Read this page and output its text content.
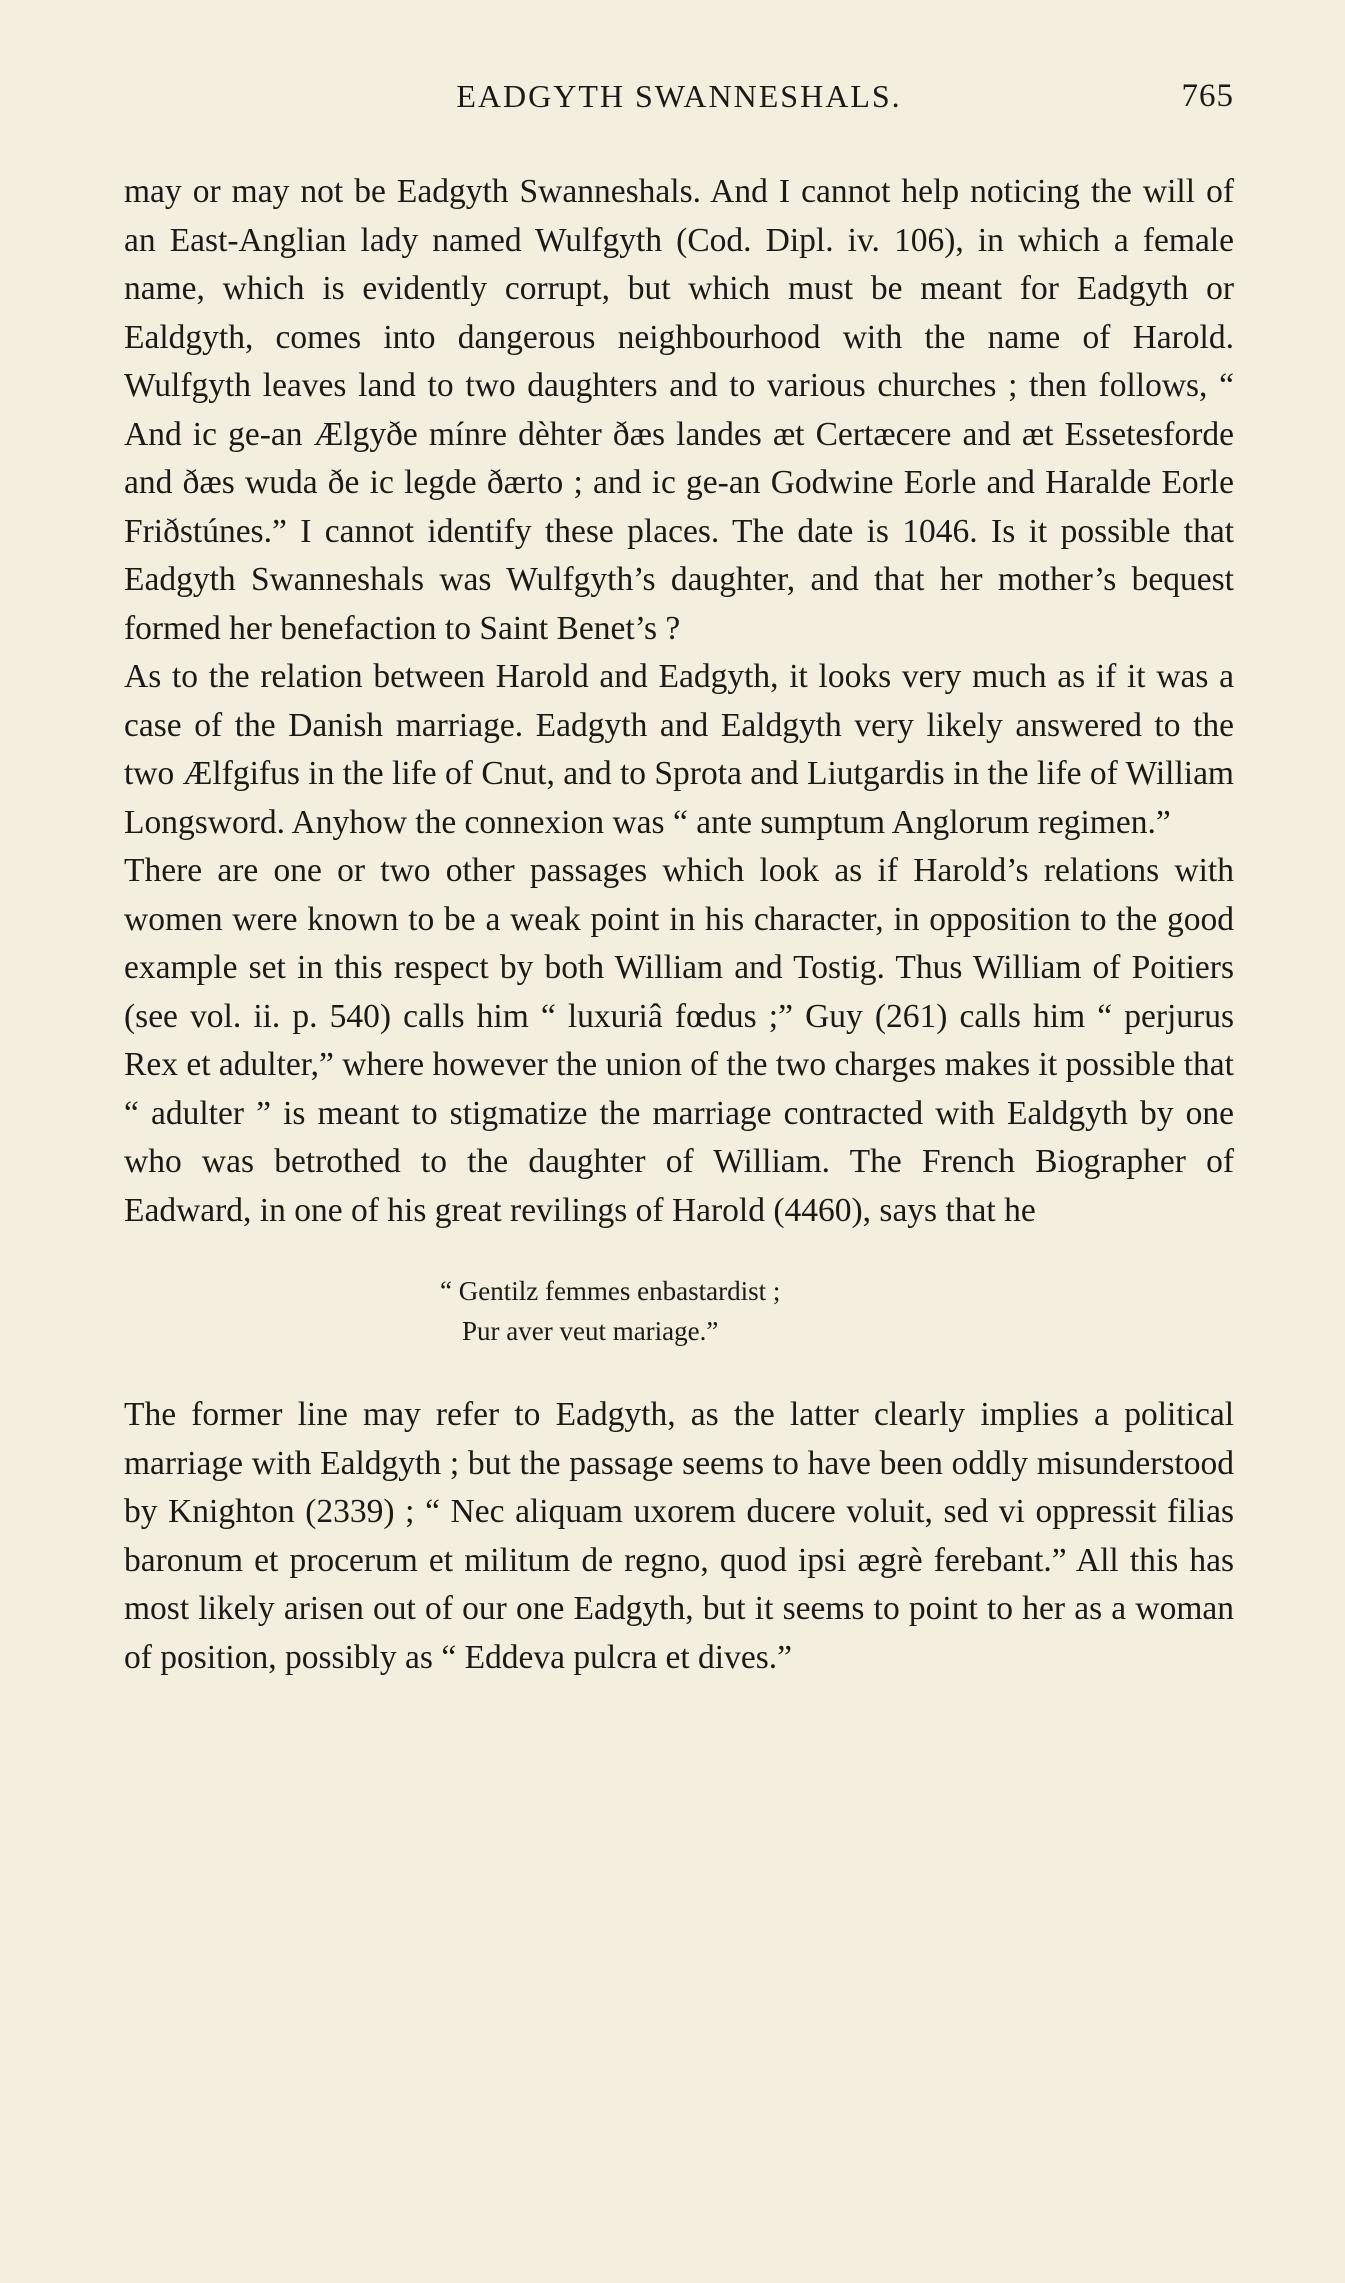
EADGYTH SWANNESHALS.	765

may or may not be Eadgyth Swanneshals. And I cannot help noticing the will of an East-Anglian lady named Wulfgyth (Cod. Dipl. iv. 106), in which a female name, which is evidently corrupt, but which must be meant for Eadgyth or Ealdgyth, comes into dangerous neighbourhood with the name of Harold. Wulfgyth leaves land to two daughters and to various churches ; then follows, “ And ic ge-an Ælgyðe mínre dèhter ðæs landes æt Certæcere and æt Essetesforde and ðæs wuda ðe ic legde ðærto ; and ic ge-an Godwine Eorle and Haralde Eorle Friðstúnes.” I cannot identify these places. The date is 1046. Is it possible that Eadgyth Swanneshals was Wulfgyth’s daughter, and that her mother’s bequest formed her benefaction to Saint Benet’s ?

As to the relation between Harold and Eadgyth, it looks very much as if it was a case of the Danish marriage. Eadgyth and Ealdgyth very likely answered to the two Ælfgifus in the life of Cnut, and to Sprota and Liutgardis in the life of William Longsword. Anyhow the connexion was “ ante sumptum Anglorum regimen.”

There are one or two other passages which look as if Harold’s relations with women were known to be a weak point in his character, in opposition to the good example set in this respect by both William and Tostig. Thus William of Poitiers (see vol. ii. p. 540) calls him “ luxuriâ fœdus ;” Guy (261) calls him “ perjurus Rex et adulter,” where however the union of the two charges makes it possible that “ adulter ” is meant to stigmatize the marriage contracted with Ealdgyth by one who was betrothed to the daughter of William. The French Biographer of Eadward, in one of his great revilings of Harold (4460), says that he

“ Gentilz femmes enbastardist ;
Pur aver veut mariage.”

The former line may refer to Eadgyth, as the latter clearly implies a political marriage with Ealdgyth ; but the passage seems to have been oddly misunderstood by Knighton (2339) ; “ Nec aliquam uxorem ducere voluit, sed vi oppressit filias baronum et procerum et militum de regno, quod ipsi ægrè ferebant.” All this has most likely arisen out of our one Eadgyth, but it seems to point to her as a woman of position, possibly as “ Eddeva pulcra et dives.”
